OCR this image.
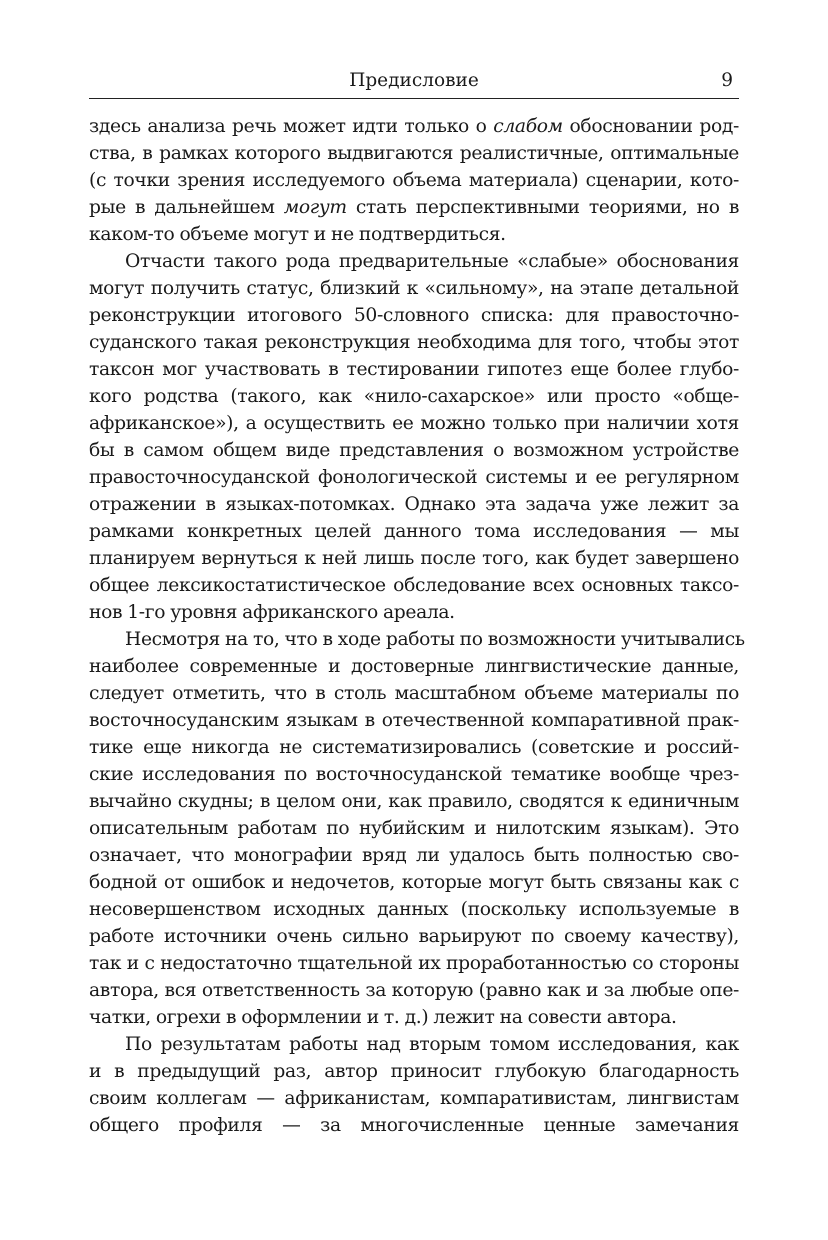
Предисловие	9
здесь анализа речь может идти только о слабом обосновании род-
ства, в рамках которого выдвигаются реалистичные, оптимальные
(с точки зрения исследуемого объема материала) сценарии, кото-
рые в дальнейшем могут стать перспективными теориями, но в
каком-то объеме могут и не подтвердиться.
Отчасти такого рода предварительные «слабые» обоснования
могут получить статус, близкий к «сильному», на этапе детальной
реконструкции итогового 50-словного списка: для правосточно-
суданского такая реконструкция необходима для того, чтобы этот
таксон мог участвовать в тестировании гипотез еще более глубо-
кого родства (такого, как «нило-сахарское» или просто «обще-
африканское»), а осуществить ее можно только при наличии хотя
бы в самом общем виде представления о возможном устройстве
правосточносуданской фонологической системы и ее регулярном
отражении в языках-потомках. Однако эта задача уже лежит за
рамками конкретных целей данного тома исследования — мы
планируем вернуться к ней лишь после того, как будет завершено
общее лексикостатистическое обследование всех основных таксо-
нов 1-го уровня африканского ареала.
Несмотря на то, что в ходе работы по возможности учитывались
наиболее современные и достоверные лингвистические данные,
следует отметить, что в столь масштабном объеме материалы по
восточносуданским языкам в отечественной компаративной прак-
тике еще никогда не систематизировались (советские и россий-
ские исследования по восточносуданской тематике вообще чрез-
вычайно скудны; в целом они, как правило, сводятся к единичным
описательным работам по нубийским и нилотским языкам). Это
означает, что монографии вряд ли удалось быть полностью сво-
бодной от ошибок и недочетов, которые могут быть связаны как с
несовершенством исходных данных (поскольку используемые в
работе источники очень сильно варьируют по своему качеству),
так и с недостаточно тщательной их проработанностью со стороны
автора, вся ответственность за которую (равно как и за любые опе-
чатки, огрехи в оформлении и т. д.) лежит на совести автора.
По результатам работы над вторым томом исследования, как
и в предыдущий раз, автор приносит глубокую благодарность
своим коллегам — африканистам, компаративистам, лингвистам
общего профиля — за многочисленные ценные замечания
